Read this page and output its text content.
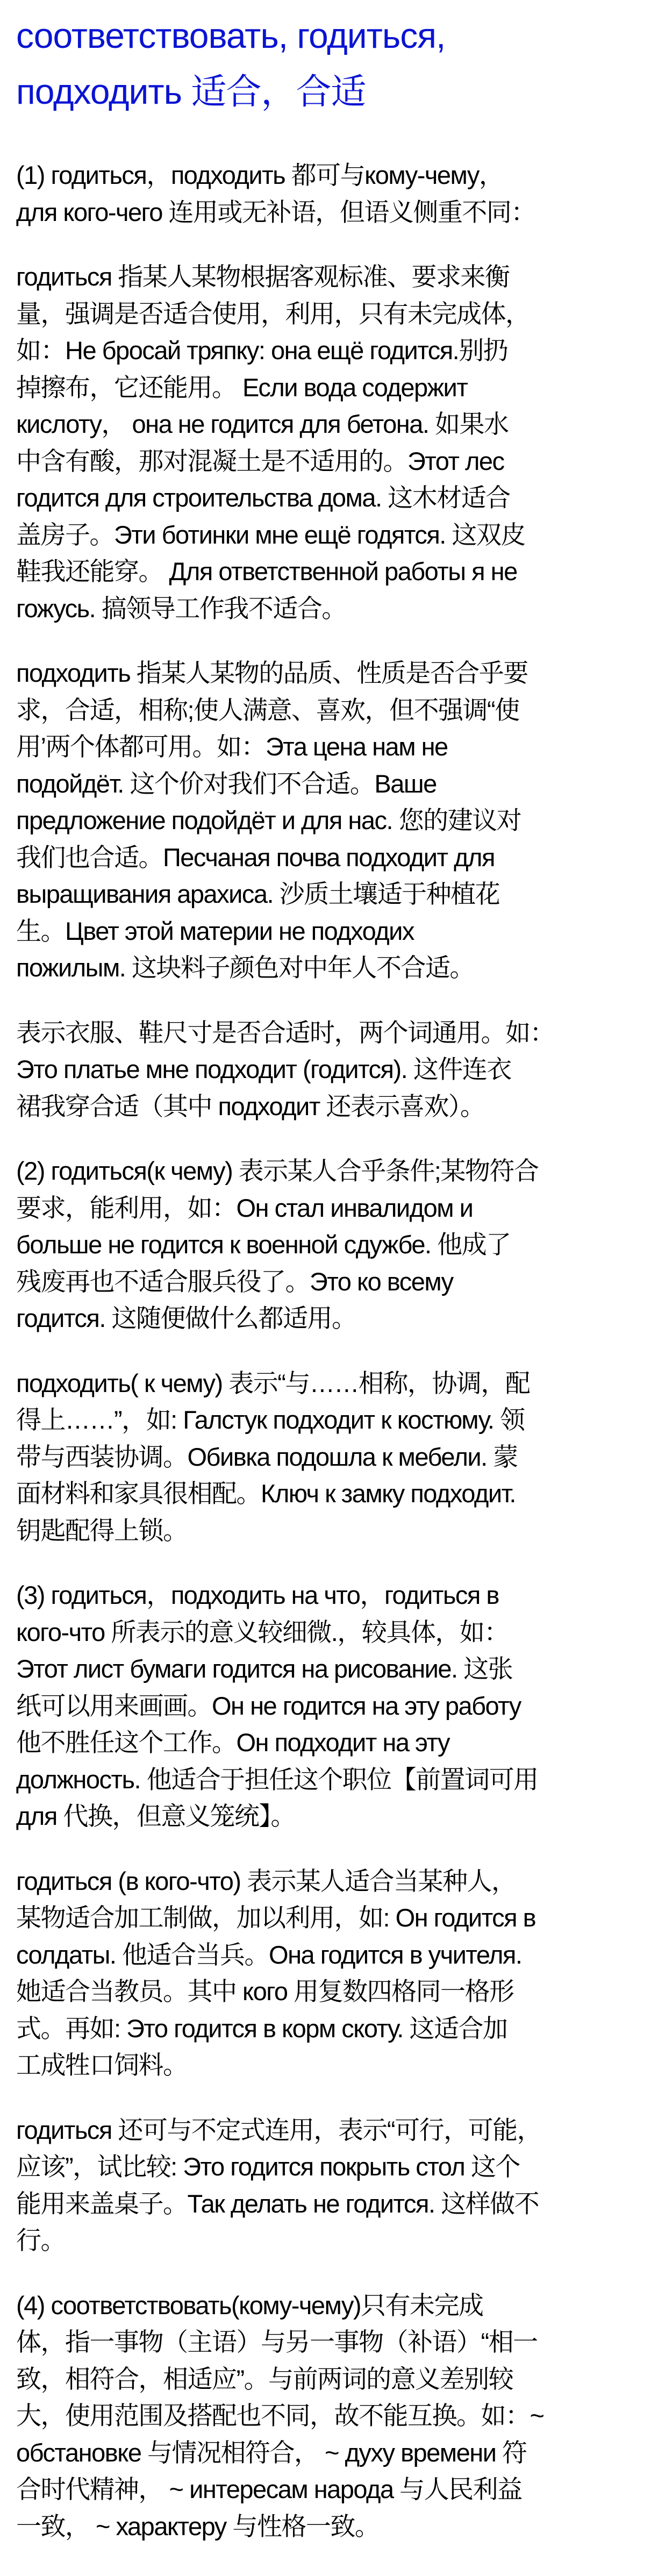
соответствовать, годиться,
подходить 适合，合适

(1) годиться，подходить 都可与кому-чему，
для кого-чего 连用或无补语，但语义侧重不同：

годиться 指某人某物根据客观标准、要求来衡
量，强调是否适合使用，利用，只有未完成体，
如：Не бросай тряпку: она ещё годится.别扔
掉擦布，它还能用。 Если вода содержит
кислоту， она не годится для бетона. 如果水
中含有酸，那对混凝土是不适用的。Этот лес
годится для строительства дома. 这木材适合
盖房子。Эти ботинки мне ещё годятся. 这双皮
鞋我还能穿。 Для ответственной работы я не
гожусь. 搞领导工作我不适合。

подходить 指某人某物的品质、性质是否合乎要
求，合适，相称;使人满意、喜欢，但不强调“使
用’两个体都可用。如：Эта цена нам не
подойдёт. 这个价对我们不合适。Ваше
предложение подойдёт и для нас. 您的建议对
我们也合适。Песчаная почва подходит для
выращивания арахиса. 沙质土壤适于种植花
生。Цвет этой материи не подходих
пожилым. 这块料子颜色对中年人不合适。

表示衣服、鞋尺寸是否合适时，两个词通用。如：
Это платье мне подходит (годится). 这件连衣
裙我穿合适（其中 подходит 还表示喜欢）。

(2) годиться(к чему) 表示某人合乎条件;某物符合
要求，能利用，如：Он стал инвалидом и
больше не годится к военной сдужбе. 他成了
残废再也不适合服兵役了。Это ко всему
годится. 这随便做什么都适用。

подходить( к чему) 表示“与……相称，协调，配
得上……”，如: Галстук подходит к костюму. 领
带与西装协调。Обивка подошла к мебели. 蒙
面材料和家具很相配。Ключ к замку подходит.
钥匙配得上锁。

(3) годиться，подходить на что，годиться в
кого-что 所表示的意义较细微.，较具体，如：
Этот лист бумаги годится на рисование. 这张
纸可以用来画画。Он не годится на эту работу
他不胜任这个工作。Он подходит на эту
должность. 他适合于担任这个职位【前置词可用
для 代换，但意义笼统】。

годиться (в кого-что) 表示某人适合当某种人，
某物适合加工制做，加以利用，如: Он годится в
солдаты. 他适合当兵。Она годится в учителя.
她适合当教员。其中 кого 用复数四格同一格形
式。再如: Это годится в корм скоту. 这适合加
工成牲口饲料。

годиться 还可与不定式连用，表示“可行，可能，
应该”，试比较: Это годится покрыть стол 这个
能用来盖桌子。Так делать не годится. 这样做不
行。

(4) соответствовать(кому-чему)只有未完成
体，指一事物（主语）与另一事物（补语）“相一
致，相符合，相适应”。与前两词的意义差别较
大，使用范围及搭配也不同，故不能互换。如：~
обстановке 与情况相符合， ~ духу времени 符
合时代精神， ~ интересам народа 与人民利益
一致， ~ характеру 与性格一致。
